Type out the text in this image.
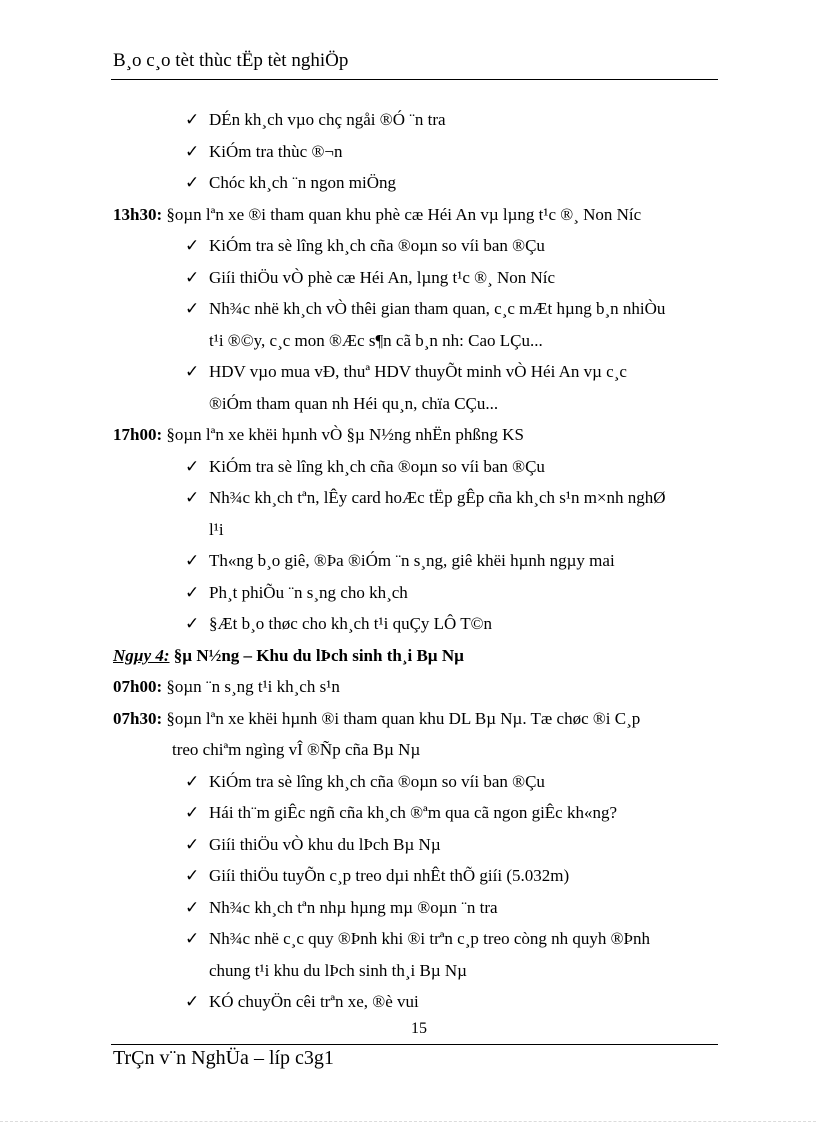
B¸o c¸o tèt thùc tËp tèt nghiÖp
✓ DÉn kh¸ch vµo chç ngåi ®Ó ¨n tra
✓ KiÓm tra thùc ®¬n
✓ Chóc kh¸ch ¨n ngon miÖng
13h30: §oµn lªn xe ®i tham quan khu phè cæ Héi An vµ lµng t¹c ®¸ Non Níc
✓ KiÓm tra sè lîng kh¸ch cña ®oµn so víi ban ®Çu
✓ Giíi thiÖu vÒ phè cæ Héi An, lµng t¹c ®¸ Non Níc
✓ Nh¾c nhë kh¸ch vÒ thêi gian tham quan, c¸c mÆt hµng b¸n nhiÒu
t¹i ®©y, c¸c mon ®Æc s¶n cã b¸n nh: Cao LÇu...
✓ HDV vµo mua vÐ, thuª HDV thuyÕt minh vÒ Héi An vµ c¸c
®iÓm tham quan nh Héi qu¸n, chïa CÇu...
17h00: §oµn lªn xe khëi hµnh vÒ §µ N½ng nhËn phßng KS
✓ KiÓm tra sè lîng kh¸ch cña ®oµn so víi ban ®Çu
✓ Nh¾c kh¸ch tªn, lÊy card hoÆc tËp gÊp cña kh¸ch s¹n m×nh nghØ
l¹i
✓ Th«ng b¸o giê, ®Þa ®iÓm ¨n s¸ng, giê khëi hµnh ngµy mai
✓ Ph¸t phiÕu ¨n s¸ng cho kh¸ch
✓ §Æt b¸o thøc cho kh¸ch t¹i quÇy LÔ T©n
Ngµy 4: §µ N½ng – Khu du lÞch sinh th¸i Bµ Nµ
07h00: §oµn ¨n s¸ng t¹i kh¸ch s¹n
07h30: §oµn lªn xe khëi hµnh ®i tham quan khu DL Bµ Nµ. Tæ chøc ®i C¸p
treo chiªm ngìng vÎ ®Ñp cña Bµ Nµ
✓ KiÓm tra sè lîng kh¸ch cña ®oµn so víi ban ®Çu
✓ Hái th¨m giÊc ngñ cña kh¸ch ®ªm qua cã ngon giÊc kh«ng?
✓ Giíi thiÖu vÒ khu du lÞch Bµ Nµ
✓ Giíi thiÖu tuyÕn c¸p treo dµi nhÊt thÕ giíi (5.032m)
✓ Nh¾c kh¸ch tªn nhµ hµng mµ ®oµn ¨n tra
✓ Nh¾c nhë c¸c quy ®Þnh khi ®i trªn c¸p treo còng nh quyh ®Þnh
chung t¹i khu du lÞch sinh th¸i Bµ Nµ
✓ KÓ chuyÖn cêi trªn xe, ®è vui
15
TrÇn v¨n NghÜa – líp c3g1
